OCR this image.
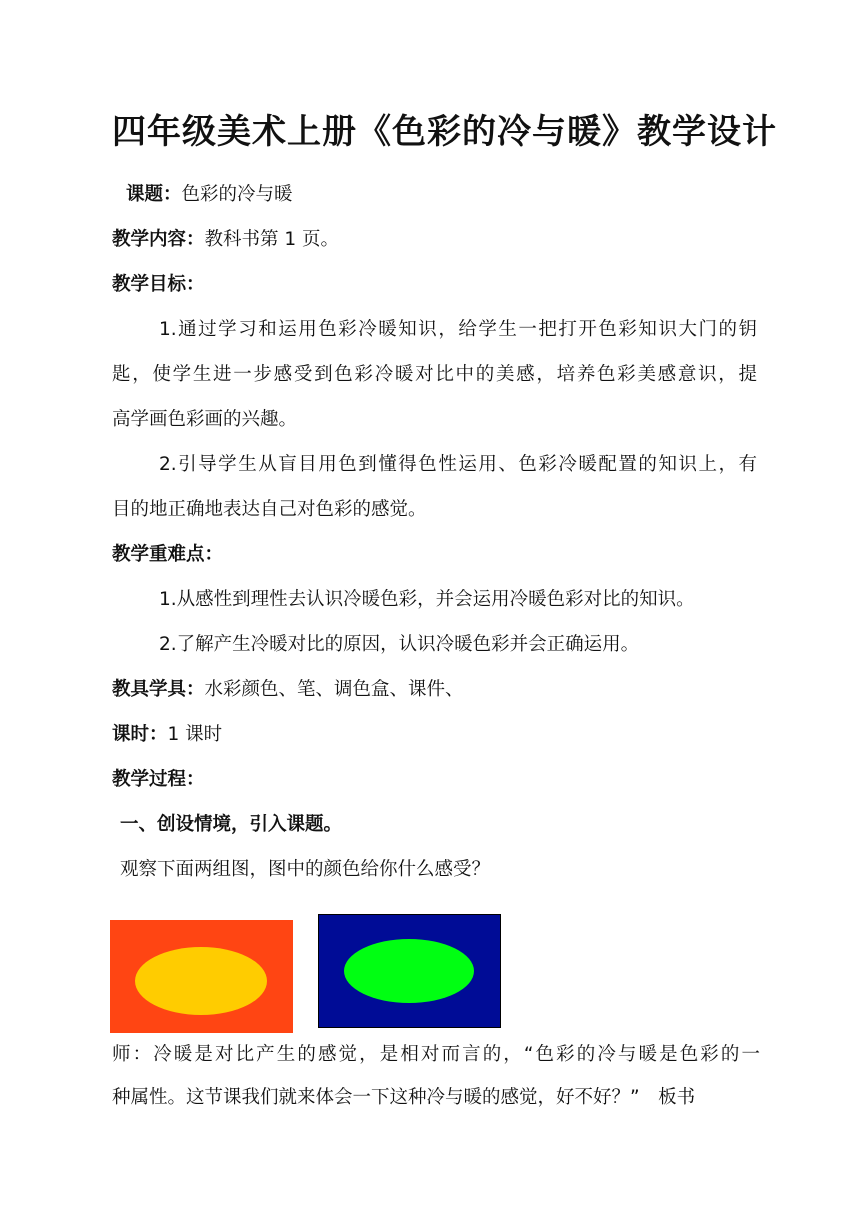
四年级美术上册《色彩的冷与暖》教学设计
课题：色彩的冷与暖
教学内容：教科书第 1 页。
教学目标：
1.通过学习和运用色彩冷暖知识，给学生一把打开色彩知识大门的钥
匙，使学生进一步感受到色彩冷暖对比中的美感，培养色彩美感意识，提
高学画色彩画的兴趣。
2.引导学生从盲目用色到懂得色性运用、色彩冷暖配置的知识上，有
目的地正确地表达自己对色彩的感觉。
教学重难点：
1.从感性到理性去认识冷暖色彩，并会运用冷暖色彩对比的知识。
2.了解产生冷暖对比的原因，认识冷暖色彩并会正确运用。
教具学具：水彩颜色、笔、调色盒、课件、
课时：1 课时
教学过程：
一、创设情境，引入课题。
观察下面两组图，图中的颜色给你什么感受？
师：冷暖是对比产生的感觉，是相对而言的，“色彩的冷与暖是色彩的一
种属性。这节课我们就来体会一下这种冷与暖的感觉，好不好？”　板书
